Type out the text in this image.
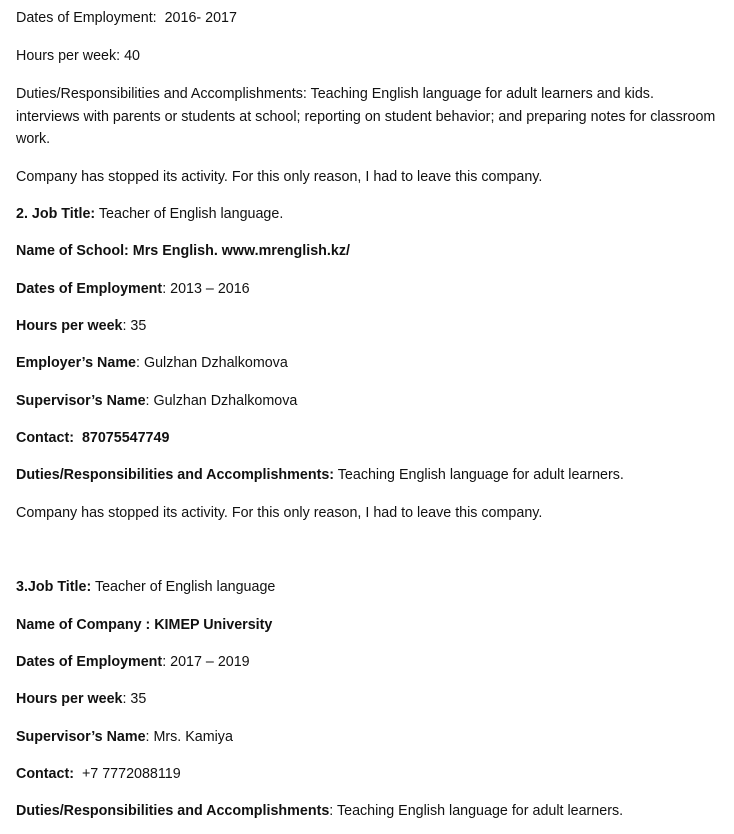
Dates of Employment: 2016- 2017
Hours per week: 40
Duties/Responsibilities and Accomplishments: Teaching English language for adult learners and kids. interviews with parents or students at school; reporting on student behavior; and preparing notes for classroom work.
Company has stopped its activity. For this only reason, I had to leave this company.
2. Job Title: Teacher of English language.
Name of School: Mrs English. www.mrenglish.kz/
Dates of Employment: 2013 – 2016
Hours per week: 35
Employer’s Name: Gulzhan Dzhalkomova
Supervisor’s Name: Gulzhan Dzhalkomova
Contact: 87075547749
Duties/Responsibilities and Accomplishments: Teaching English language for adult learners.
Company has stopped its activity. For this only reason, I had to leave this company.
3.Job Title: Teacher of English language
Name of Company : KIMEP University
Dates of Employment: 2017 – 2019
Hours per week: 35
Supervisor’s Name: Mrs. Kamiya
Contact: +7 7772088119
Duties/Responsibilities and Accomplishments: Teaching English language for adult learners.
